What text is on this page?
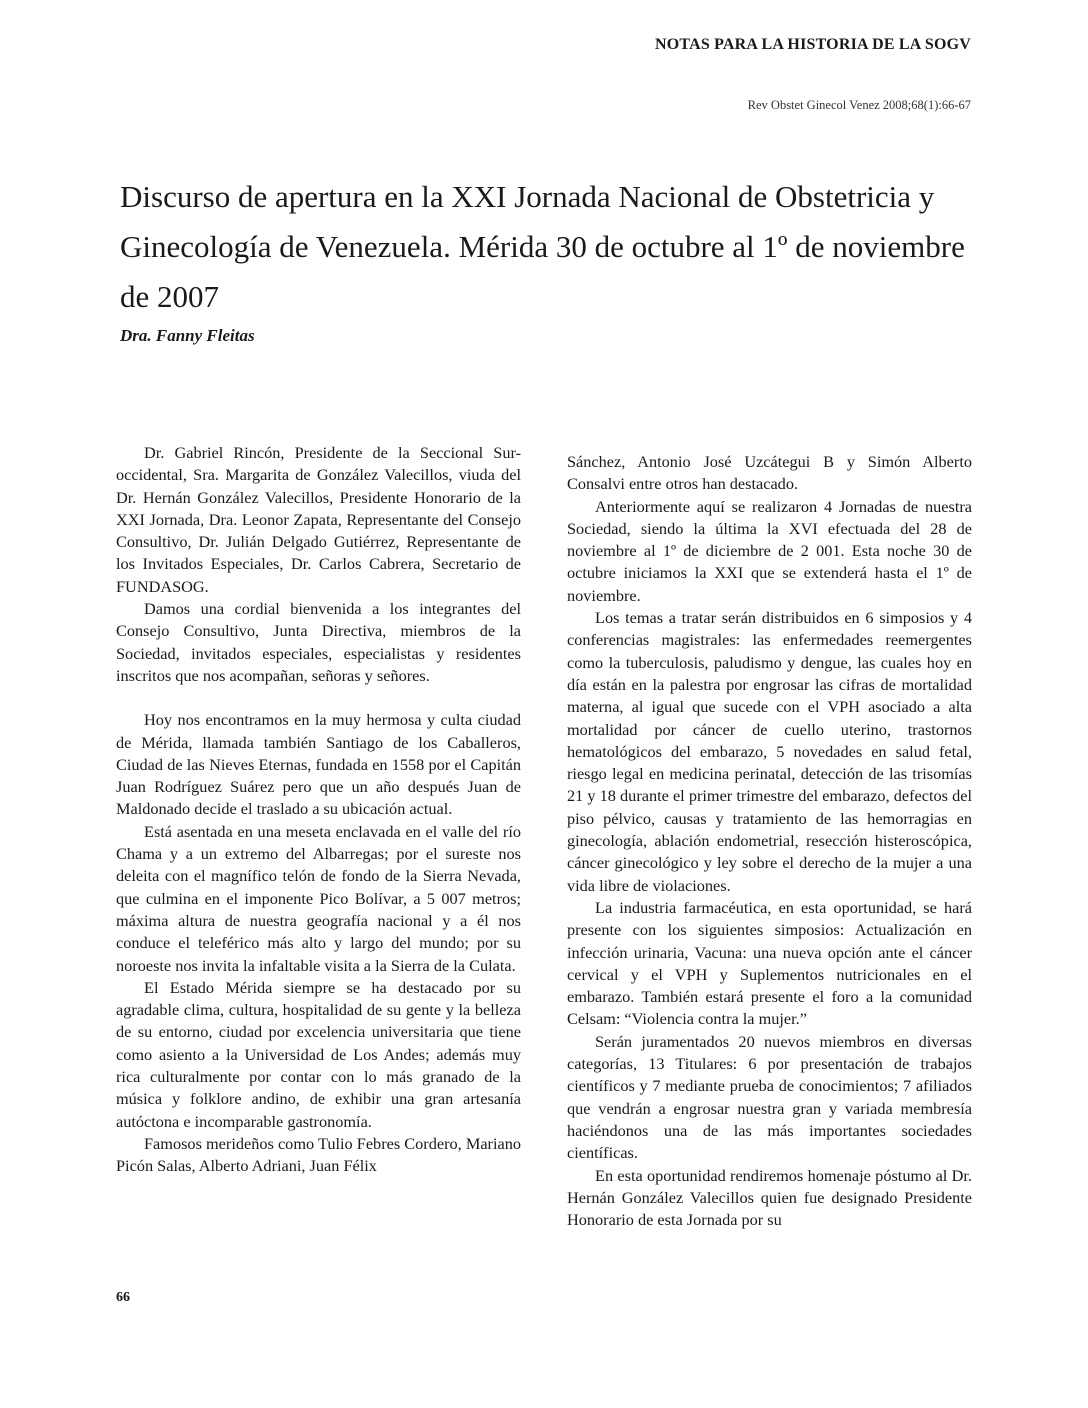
NOTAS PARA LA HISTORIA DE LA SOGV
Rev Obstet Ginecol Venez 2008;68(1):66-67
Discurso de apertura en la XXI Jornada Nacional de Obstetricia y Ginecología de Venezuela. Mérida 30 de octubre al 1º de noviembre de 2007
Dra. Fanny Fleitas

Dr. Gabriel Rincón, Presidente de la Seccional Sur-occidental, Sra. Margarita de González Valecillos, viuda del Dr. Hernán González Valecillos, Presidente Honorario de la XXI Jornada, Dra. Leonor Zapata, Representante del Consejo Consultivo, Dr. Julián Delgado Gutiérrez, Representante de los Invitados Especiales, Dr. Carlos Cabrera, Secretario de FUNDASOG.

Damos una cordial bienvenida a los integrantes del Consejo Consultivo, Junta Directiva, miembros de la Sociedad, invitados especiales, especialistas y residentes inscritos que nos acompañan, señoras y señores.

Hoy nos encontramos en la muy hermosa y culta ciudad de Mérida, llamada también Santiago de los Caballeros, Ciudad de las Nieves Eternas, fundada en 1558 por el Capitán Juan Rodríguez Suárez pero que un año después Juan de Maldonado decide el traslado a su ubicación actual.

Está asentada en una meseta enclavada en el valle del río Chama y a un extremo del Albarregas; por el sureste nos deleita con el magnífico telón de fondo de la Sierra Nevada, que culmina en el imponente Pico Bolívar, a 5 007 metros; máxima altura de nuestra geografía nacional y a él nos conduce el teleférico más alto y largo del mundo; por su noroeste nos invita la infaltable visita a la Sierra de la Culata.

El Estado Mérida siempre se ha destacado por su agradable clima, cultura, hospitalidad de su gente y la belleza de su entorno, ciudad por excelencia universitaria que tiene como asiento a la Universidad de Los Andes; además muy rica culturalmente por contar con lo más granado de la música y folklore andino, de exhibir una gran artesanía autóctona e incomparable gastronomía.

Famosos merideños como Tulio Febres Cordero, Mariano Picón Salas, Alberto Adriani, Juan Félix

Sánchez, Antonio José Uzcátegui B y Simón Alberto Consalvi entre otros han destacado.

Anteriormente aquí se realizaron 4 Jornadas de nuestra Sociedad, siendo la última la XVI efectuada del 28 de noviembre al 1º de diciembre de 2 001. Esta noche 30 de octubre iniciamos la XXI que se extenderá hasta el 1º de noviembre.

Los temas a tratar serán distribuidos en 6 simposios y 4 conferencias magistrales: las enfermedades reemergentes como la tuberculosis, paludismo y dengue, las cuales hoy en día están en la palestra por engrosar las cifras de mortalidad materna, al igual que sucede con el VPH asociado a alta mortalidad por cáncer de cuello uterino, trastornos hematológicos del embarazo, 5 novedades en salud fetal, riesgo legal en medicina perinatal, detección de las trisomías 21 y 18 durante el primer trimestre del embarazo, defectos del piso pélvico, causas y tratamiento de las hemorragias en ginecología, ablación endometrial, resección histeroscópica, cáncer ginecológico y ley sobre el derecho de la mujer a una vida libre de violaciones.

La industria farmacéutica, en esta oportunidad, se hará presente con los siguientes simposios: Actualización en infección urinaria, Vacuna: una nueva opción ante el cáncer cervical y el VPH y Suplementos nutricionales en el embarazo. También estará presente el foro a la comunidad Celsam: “Violencia contra la mujer.”

Serán juramentados 20 nuevos miembros en diversas categorías, 13 Titulares: 6 por presentación de trabajos científicos y 7 mediante prueba de conocimientos; 7 afiliados que vendrán a engrosar nuestra gran y variada membresía haciéndonos una de las más importantes sociedades científicas.

En esta oportunidad rendiremos homenaje póstumo al Dr. Hernán González Valecillos quien fue designado Presidente Honorario de esta Jornada por su

66
